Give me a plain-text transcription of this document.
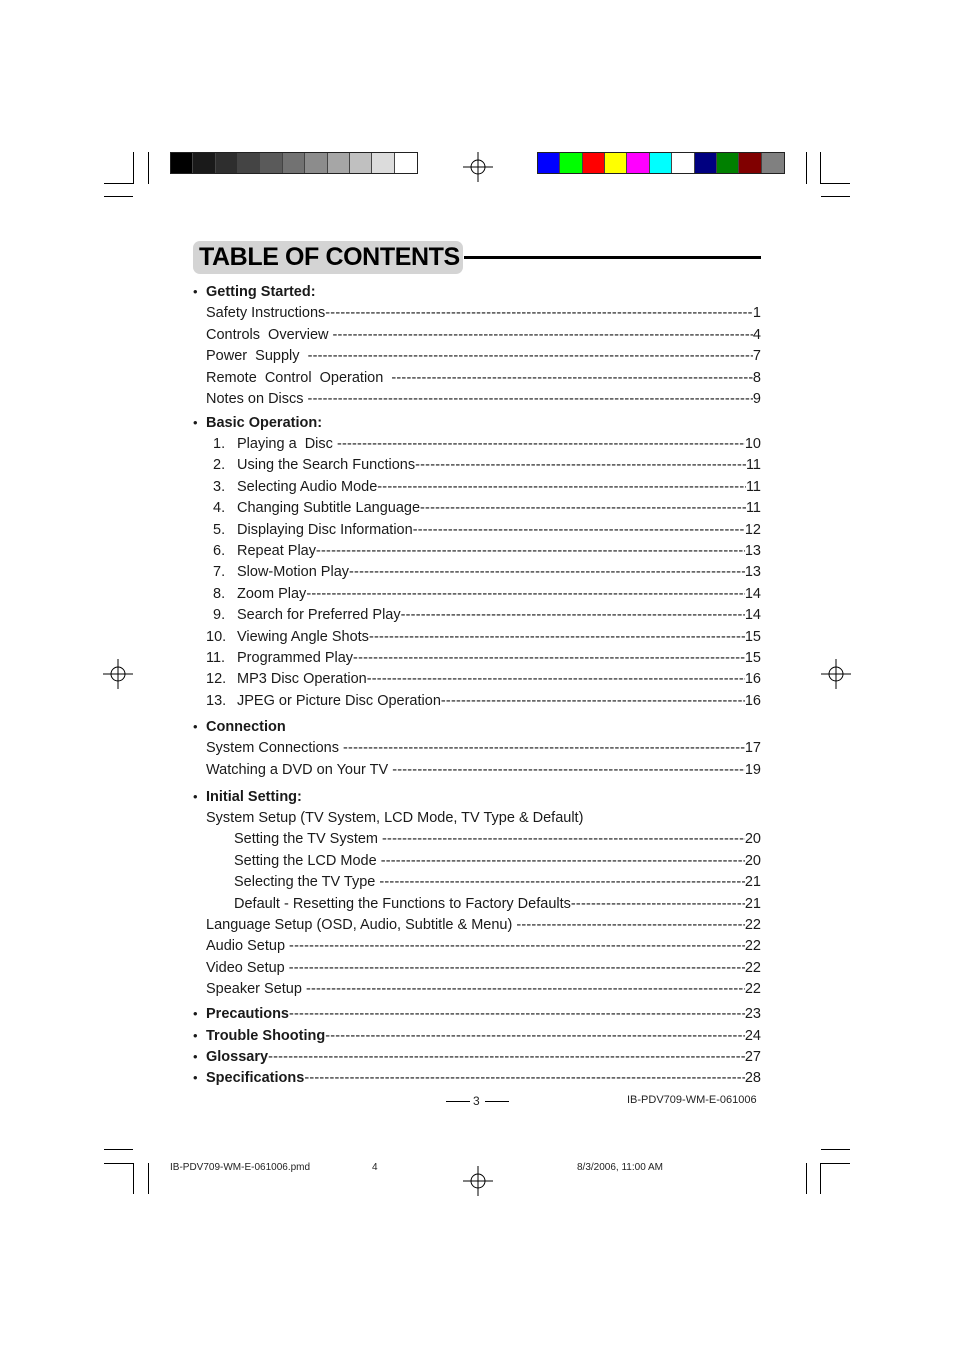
TABLE OF CONTENTS
• Getting Started:
Safety Instructions -----	1
Controls  Overview -----	4
Power  Supply -----	7
Remote  Control  Operation -----	8
Notes on Discs -----	9
• Basic Operation:
1. Playing a  Disc -----	10
2. Using the Search Functions -----	11
3. Selecting Audio Mode -----	11
4. Changing Subtitle Language -----	11
5. Displaying Disc Information -----	12
6. Repeat Play -----	13
7. Slow-Motion Play -----	13
8. Zoom Play -----	14
9. Search for Preferred Play -----	14
10. Viewing Angle Shots -----	15
11. Programmed Play -----	15
12. MP3 Disc Operation -----	16
13. JPEG or Picture Disc Operation -----	16
• Connection
System Connections -----	17
Watching a DVD on Your TV -----	19
• Initial Setting:
System Setup (TV System, LCD Mode, TV Type & Default)
Setting the TV System -----	20
Setting the LCD Mode -----	20
Selecting the TV Type -----	21
Default - Resetting the Functions to Factory Defaults -----	21
Language Setup (OSD, Audio, Subtitle & Menu) -----	22
Audio Setup -----	22
Video Setup -----	22
Speaker Setup -----	22
• Precautions -----	23
• Trouble Shooting -----	24
• Glossary -----	27
• Specifications -----	28
3	IB-PDV709-WM-E-061006
IB-PDV709-WM-E-061006.pmd	4	8/3/2006, 11:00 AM
